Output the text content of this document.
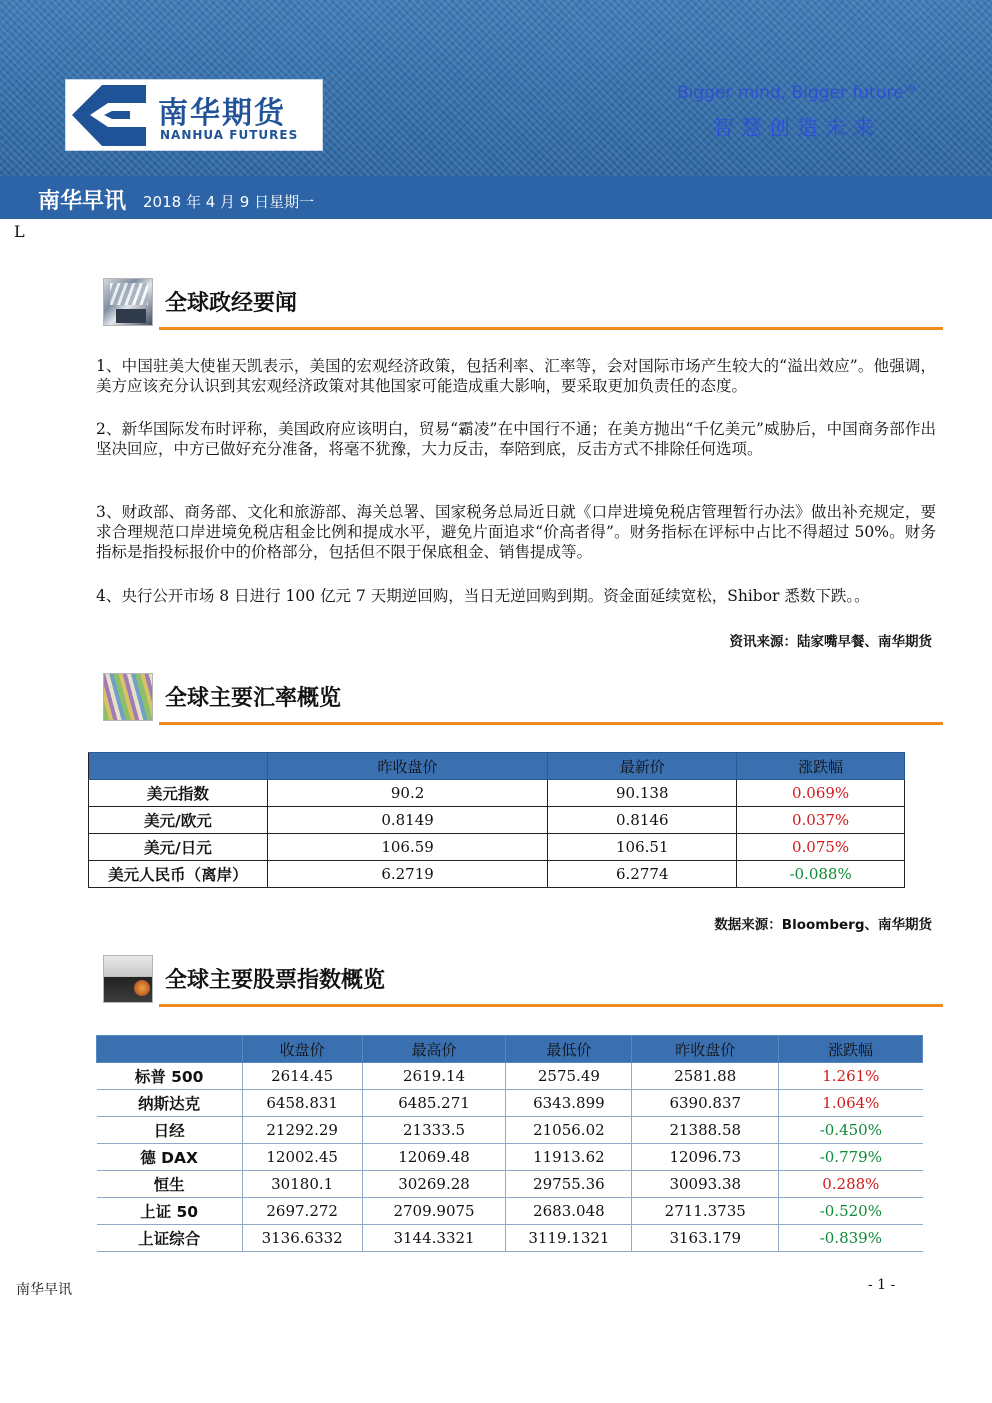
南华期货
NANHUA FUTURES
Bigger mind, Bigger future™
智慧创造未来
南华早讯 2018 年 4 月 9 日星期一
L
全球政经要闻

1、中国驻美大使崔天凯表示，美国的宏观经济政策，包括利率、汇率等，会对国际市场产生较大的“溢出效应”。他强调，美方应该充分认识到其宏观经济政策对其他国家可能造成重大影响，要采取更加负责任的态度。

2、新华国际发布时评称，美国政府应该明白，贸易“霸凌”在中国行不通；在美方抛出“千亿美元”威胁后，中国商务部作出坚决回应，中方已做好充分准备，将毫不犹豫，大力反击，奉陪到底，反击方式不排除任何选项。

3、财政部、商务部、文化和旅游部、海关总署、国家税务总局近日就《口岸进境免税店管理暂行办法》做出补充规定，要求合理规范口岸进境免税店租金比例和提成水平，避免片面追求“价高者得”。财务指标在评标中占比不得超过 50%。财务指标是指投标报价中的价格部分，包括但不限于保底租金、销售提成等。

4、央行公开市场 8 日进行 100 亿元 7 天期逆回购，当日无逆回购到期。资金面延续宽松，Shibor 悉数下跌。。

资讯来源：陆家嘴早餐、南华期货
全球主要汇率概览
	昨收盘价	最新价	涨跌幅
美元指数	90.2	90.138	0.069%
美元/欧元	0.8149	0.8146	0.037%
美元/日元	106.59	106.51	0.075%
美元人民币（离岸）	6.2719	6.2774	-0.088%
数据来源：Bloomberg、南华期货
全球主要股票指数概览
	收盘价	最高价	最低价	昨收盘价	涨跌幅
标普 500	2614.45	2619.14	2575.49	2581.88	1.261%
纳斯达克	6458.831	6485.271	6343.899	6390.837	1.064%
日经	21292.29	21333.5	21056.02	21388.58	-0.450%
德 DAX	12002.45	12069.48	11913.62	12096.73	-0.779%
恒生	30180.1	30269.28	29755.36	30093.38	0.288%
上证 50	2697.272	2709.9075	2683.048	2711.3735	-0.520%
上证综合	3136.6332	3144.3321	3119.1321	3163.179	-0.839%
南华早讯	- 1 -
